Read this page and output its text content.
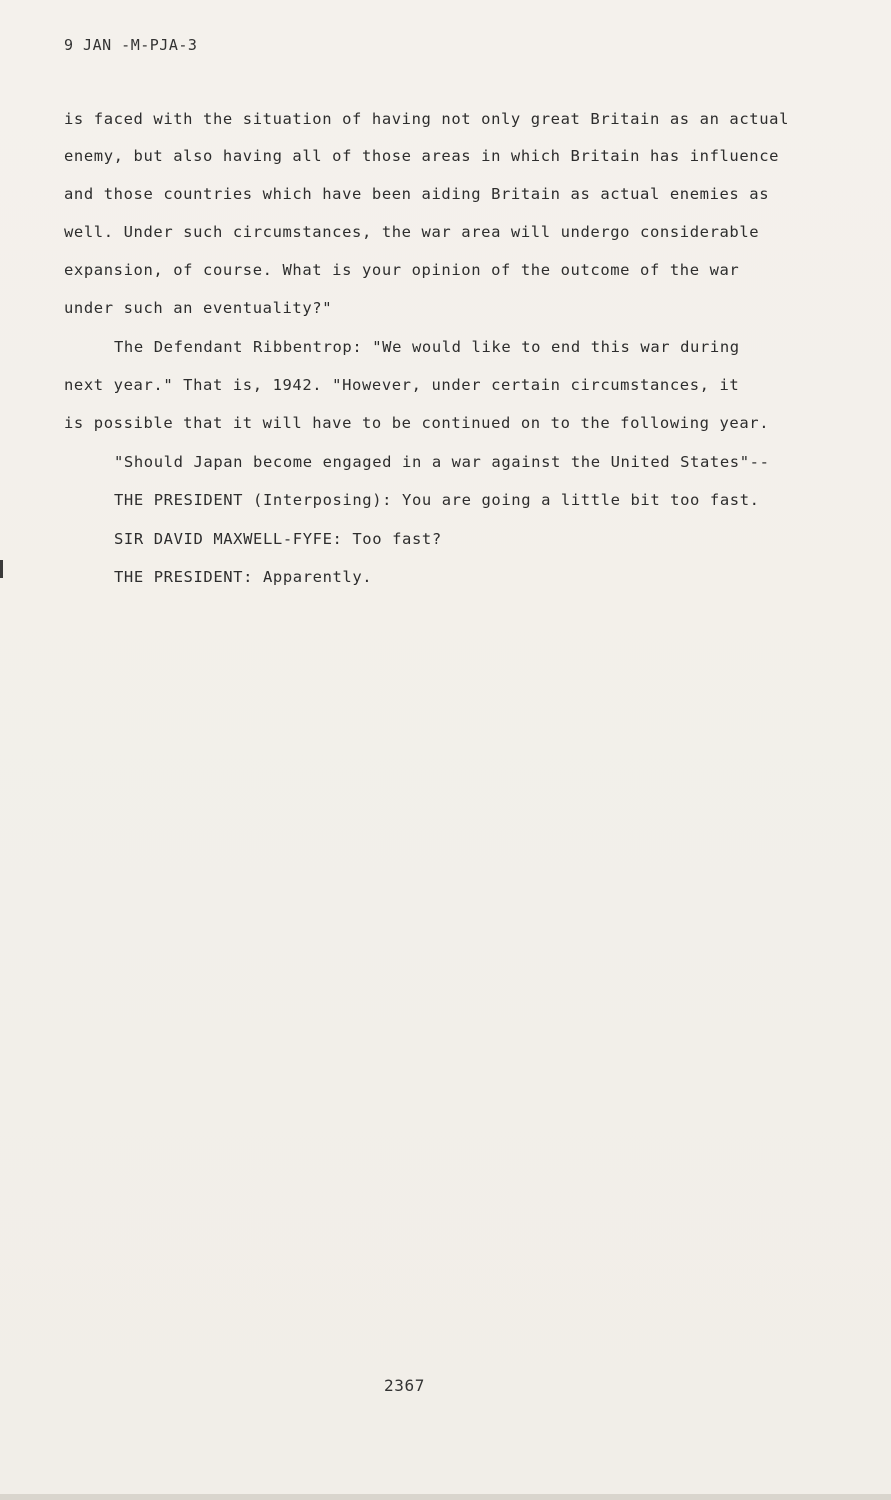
9 JAN -M-PJA-3
is faced with the situation of having not only great Britain as an actual
enemy, but also having all of those areas in which Britain has influence
and those countries which have been aiding Britain as actual enemies as
well. Under such circumstances, the war area will undergo considerable
expansion, of course. What is your opinion of the outcome of the war
under such an eventuality?"
The Defendant Ribbentrop: "We would like to end this war during
next year." That is, 1942. "However, under certain circumstances, it
is possible that it will have to be continued on to the following year.
"Should Japan become engaged in a war against the United States"--
THE PRESIDENT (Interposing): You are going a little bit too fast.
SIR DAVID MAXWELL-FYFE: Too fast?
THE PRESIDENT: Apparently.
2367
